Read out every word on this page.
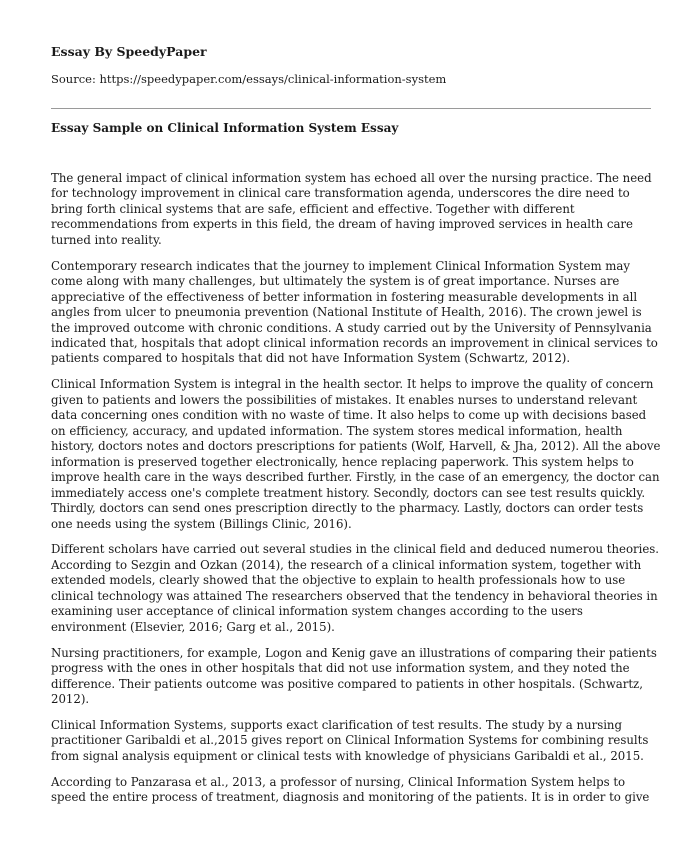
Essay By SpeedyPaper
Source: https://speedypaper.com/essays/clinical-information-system
Essay Sample on Clinical Information System Essay

The general impact of clinical information system has echoed all over the nursing practice. The need for technology improvement in clinical care transformation agenda, underscores the dire need to bring forth clinical systems that are safe, efficient and effective. Together with different recommendations from experts in this field, the dream of having improved services in health care turned into reality.

Contemporary research indicates that the journey to implement Clinical Information System may come along with many challenges, but ultimately the system is of great importance. Nurses are appreciative of the effectiveness of better information in fostering measurable developments in all angles from ulcer to pneumonia prevention (National Institute of Health, 2016). The crown jewel is the improved outcome with chronic conditions. A study carried out by the University of Pennsylvania indicated that, hospitals that adopt clinical information records an improvement in clinical services to patients compared to hospitals that did not have Information System (Schwartz, 2012).

Clinical Information System is integral in the health sector. It helps to improve the quality of concern given to patients and lowers the possibilities of mistakes. It enables nurses to understand relevant data concerning ones condition with no waste of time. It also helps to come up with decisions based on efficiency, accuracy, and updated information. The system stores medical information, health history, doctors notes and doctors prescriptions for patients (Wolf, Harvell, & Jha, 2012). All the above information is preserved together electronically, hence replacing paperwork. This system helps to improve health care in the ways described further. Firstly, in the case of an emergency, the doctor can immediately access one's complete treatment history. Secondly, doctors can see test results quickly. Thirdly, doctors can send ones prescription directly to the pharmacy. Lastly, doctors can order tests one needs using the system (Billings Clinic, 2016).

Different scholars have carried out several studies in the clinical field and deduced numerou theories. According to Sezgin and Ozkan (2014), the research of a clinical information system, together with extended models, clearly showed that the objective to explain to health professionals how to use clinical technology was attained The researchers observed that the tendency in behavioral theories in examining user acceptance of clinical information system changes according to the users environment (Elsevier, 2016; Garg et al., 2015).

Nursing practitioners, for example, Logon and Kenig gave an illustrations of comparing their patients progress with the ones in other hospitals that did not use information system, and they noted the difference. Their patients outcome was positive compared to patients in other hospitals. (Schwartz, 2012).

Clinical Information Systems, supports exact clarification of test results. The study by a nursing practitioner Garibaldi et al.,2015 gives report on Clinical Information Systems for combining results from signal analysis equipment or clinical tests with knowledge of physicians Garibaldi et al., 2015.

According to Panzarasa et al., 2013, a professor of nursing, Clinical Information System helps to speed the entire process of treatment, diagnosis and monitoring of the patients. It is in order to give
